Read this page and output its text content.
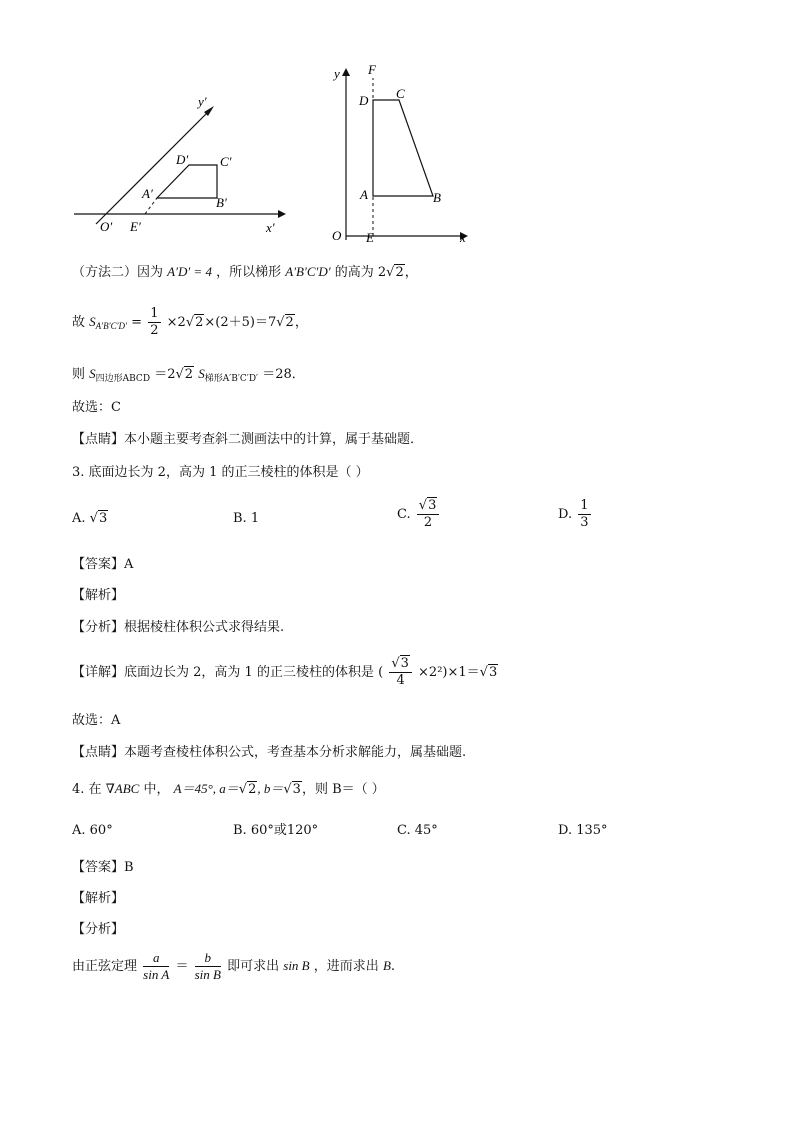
y′
x′
O′ E′
A′
B′
C′
D′
y F
D C
A	B
O E	x
（方法二）因为 A′D′ = 4 ，所以梯形 A′B′C′D′ 的高为 2√2，
故 $S_{A'B'C'D'} = \frac{1}{2} \times 2√2\times(2+5)=7√2$，
则 $S_{四边形ABCD} =2√2$ $S_{梯形A'B'C'D'} =28$．
故选：C
【点睛】本小题主要考查斜二测画法中的计算，属于基础题．
3. 底面边长为 2，高为 1 的正三棱柱的体积是（ ）
A. √3	B. 1	C. $\frac{√3}{2}$	D. $\frac{1}{3}$
【答案】A
【解析】
【分析】根据棱柱体积公式求得结果.
【详解】底面边长为 2，高为 1 的正三棱柱的体积是 ( $\frac{√3}{4} \times 2^2)\times 1=√3$
故选：A
【点睛】本题考查棱柱体积公式，考查基本分析求解能力，属基础题.
4. 在 ∇ABC 中， A＝45°, a＝√2, b＝√3，则 B＝（ ）
A. 60°	B. 60°或120°	C. 45°	D. 135°
【答案】B
【解析】
【分析】
由正弦定理 $\frac{a}{\text{sin A}} = \frac{b}{\text{sin B}}$ 即可求出 sin B ，进而求出 B.
